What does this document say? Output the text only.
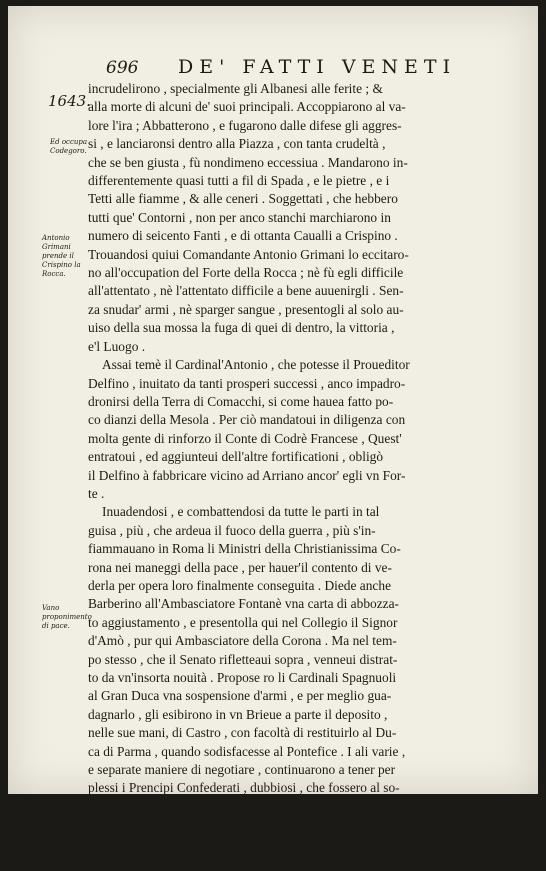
696 DE' FATTI VENETI
1643.
Ed occupa Codegoro.
Antonio Grimani prende il Crispino la Rocca.
Vano proponimento di pace.
incrudelirono , specialmente gli Albanesi alle ferite ; &
alla morte di alcuni de' suoi principali. Accoppiarono al va-
lore l'ira ; Abbatterono , e fugarono dalle difese gli aggres-
si , e lanciaronsi dentro alla Piazza , con tanta crudeltà ,
che se ben giusta , fù nondimeno eccessiua . Mandarono in-
differentemente quasi tutti a fil di Spada , e le pietre , e i
Tetti alle fiamme , & alle ceneri . Soggettati , che hebbero
tutti que' Contorni , non per anco stanchi marchiarono in
numero di seicento Fanti , e di ottanta Caualli a Crispino .
Trouandosi quiui Comandante Antonio Grimani lo eccitaro-
no all'occupation del Forte della Rocca ; nè fù egli difficile
all'attentato , nè l'attentato difficile a bene auuenirgli . Sen-
za snudar' armi , nè sparger sangue , presentogli al solo au-
uiso della sua mossa la fuga di quei di dentro, la vittoria ,
e'l Luogo .
Assai temè il Cardinal'Antonio , che potesse il Proueditor
Delfino , inuitato da tanti prosperi successi , anco impadro-
dronirsi della Terra di Comacchi, si come hauea fatto po-
co dianzi della Mesola . Per ciò mandatoui in diligenza con
molta gente di rinforzo il Conte di Codrè Francese , Quest'
entratoui , ed aggiunteui dell'altre fortificationi , obligò
il Delfino à fabbricare vicino ad Arriano ancor' egli vn For-
te .
Inuadendosi , e combattendosi da tutte le parti in tal
guisa , più , che ardeua il fuoco della guerra , più s'in-
fiammauano in Roma li Ministri della Christianissima Co-
rona nei maneggi della pace , per hauer'il contento di ve-
derla per opera loro finalmente conseguita . Diede anche
Barberino all'Ambasciatore Fontanè vna carta di abbozza-
to aggiustamento , e presentolla qui nel Collegio il Signor
d'Amò , pur qui Ambasciatore della Corona . Ma nel tem-
po stesso , che il Senato rifletteaui sopra , venneui distrat-
to da vn'insorta nouità . Propose ro li Cardinali Spagnuoli
al Gran Duca vna sospensione d'armi , e per meglio gua-
dagnarlo , gli esibirono in vn Brieue a parte il deposito ,
nelle sue mani, di Castro , con facoltà di restituirlo al Du-
ca di Parma , quando sodisfacesse al Pontefice . I ali varie ,
e separate maniere di negotiare , continuarono a tener per
plessi i Prencipi Confederati , dubbiosi , che fossero al so-
lito tutte misteriose , e nulla tendenti à conchiudere since-
ramente la pace . Per ciò non acconsentirono alla sospen-
sion richiesta , non già perche amassero la guerra , ma per
con-
